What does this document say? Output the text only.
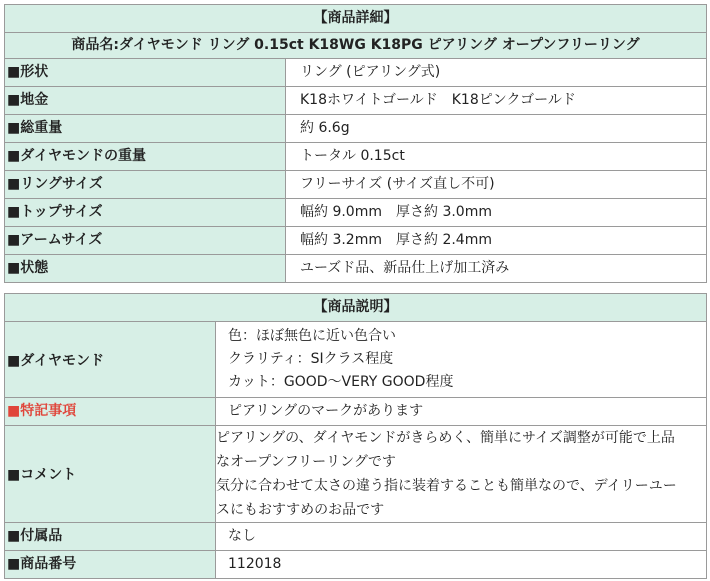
【商品詳細】	
商品名:ダイヤモンド リング 0.15ct K18WG K18PG ピアリング オープンフリーリング	
■形状	リング (ピアリング式)
■地金	K18ホワイトゴールド　K18ピンクゴールド
■総重量	約 6.6g
■ダイヤモンドの重量	トータル 0.15ct
■リングサイズ	フリーサイズ (サイズ直し不可)
■トップサイズ	幅約 9.0mm　厚さ約 3.0mm
■アームサイズ	幅約 3.2mm　厚さ約 2.4mm
■状態	ユーズド品、新品仕上げ加工済み
【商品説明】	
■ダイヤモンド	色：ほぼ無色に近い色合い
クラリティ：SIクラス程度
カット：GOOD～VERY GOOD程度

■特記事項	ピアリングのマークがあります
■コメント	ピアリングの、ダイヤモンドがきらめく、簡単にサイズ調整が可能で上品
なオープンフリーリングです
気分に合わせて太さの違う指に装着することも簡単なので、デイリーユー
スにもおすすめのお品です

■付属品	なし
■商品番号	112018
